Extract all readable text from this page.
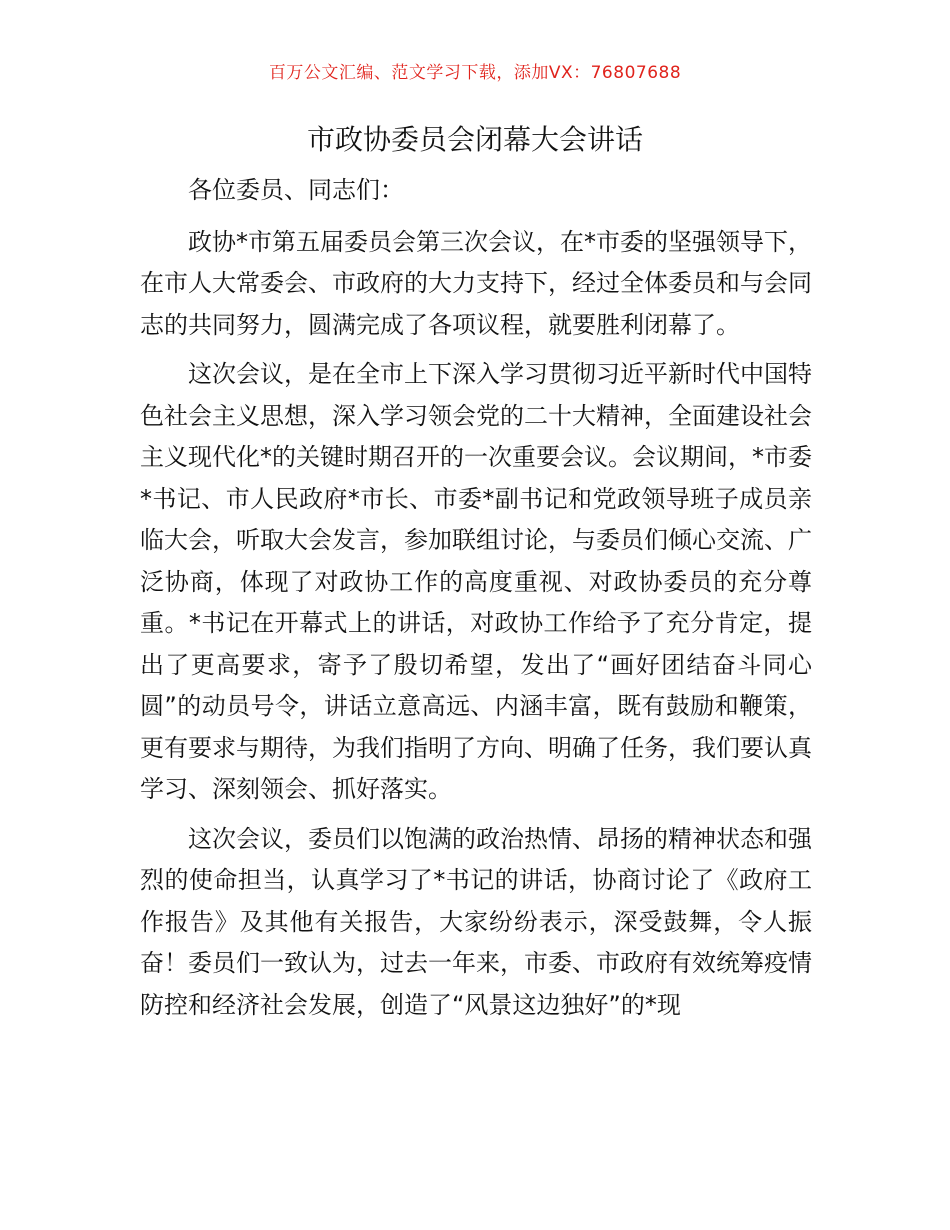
百万公文汇编、范文学习下载，添加VX：76807688
市政协委员会闭幕大会讲话

各位委员、同志们：

政协*市第五届委员会第三次会议，在*市委的坚强领导下，在市人大常委会、市政府的大力支持下，经过全体委员和与会同志的共同努力，圆满完成了各项议程，就要胜利闭幕了。

这次会议，是在全市上下深入学习贯彻习近平新时代中国特色社会主义思想，深入学习领会党的二十大精神，全面建设社会主义现代化*的关键时期召开的一次重要会议。会议期间，*市委*书记、市人民政府*市长、市委*副书记和党政领导班子成员亲临大会，听取大会发言，参加联组讨论，与委员们倾心交流、广泛协商，体现了对政协工作的高度重视、对政协委员的充分尊重。*书记在开幕式上的讲话，对政协工作给予了充分肯定，提出了更高要求，寄予了殷切希望，发出了“画好团结奋斗同心圆”的动员号令，讲话立意高远、内涵丰富，既有鼓励和鞭策，更有要求与期待，为我们指明了方向、明确了任务，我们要认真学习、深刻领会、抓好落实。

这次会议，委员们以饱满的政治热情、昂扬的精神状态和强烈的使命担当，认真学习了*书记的讲话，协商讨论了《政府工作报告》及其他有关报告，大家纷纷表示，深受鼓舞，令人振奋！委员们一致认为，过去一年来，市委、市政府有效统筹疫情防控和经济社会发展，创造了“风景这边独好”的*现
